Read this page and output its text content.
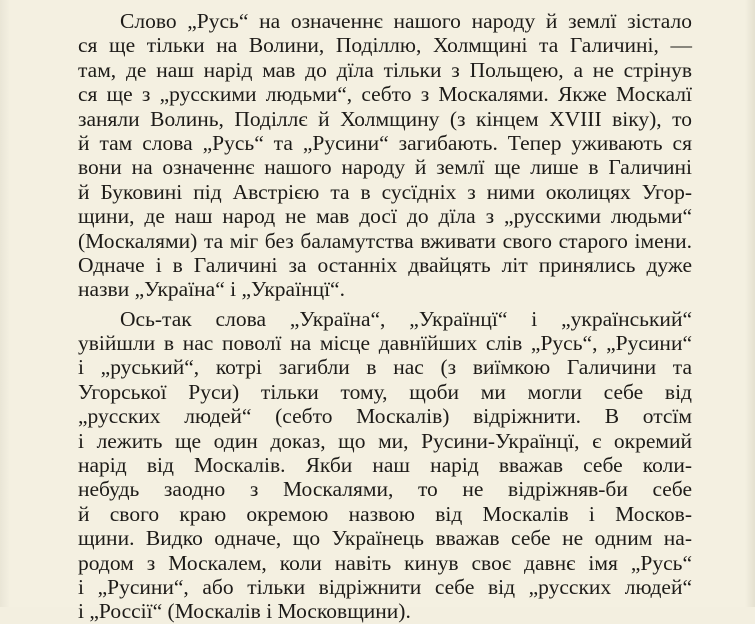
Слово „Русь“ на означеннє нашого народу й землї зістало
ся ще тільки на Волини, Поділлю, Холмщині та Галичині, —
там, де наш нарід мав до дїла тільки з Польщею, а не стрінув
ся ще з „русскими людьми“, себто з Москалями. Якже Москалї
заняли Волинь, Поділлє й Холмщину (з кінцем XVIII віку), то
й там слова „Русь“ та „Русини“ загибають. Тепер уживають ся
вони на означеннє нашого народу й землї ще лише в Галичині
й Буковині під Австрією та в сусїдніх з ними околицях Угор-
щини, де наш народ не мав досї до дїла з „русскими людьми“
(Москалями) та міг без баламутства вживати свого старого імени.
Одначе і в Галичині за останніх двайцять літ принялись дуже
назви „Україна“ і „Українцї“.
Ось-так слова „Україна“, „Українцї“ і „український“
увійшли в нас поволї на місце давнїйших слів „Русь“, „Русини“
і „руський“, котрі загибли в нас (з виїмкою Галичини та
Угорської Руси) тільки тому, щоби ми могли себе від
„русских людей“ (себто Москалів) відріжнити. В отсїм
і лежить ще один доказ, що ми, Русини-Українцї, є окремий
нарід від Москалів. Якби наш нарід вважав себе коли-
небудь заодно з Москалями, то не відріжняв-би себе
й свого краю окремою назвою від Москалів і Москов-
щини. Видко одначе, що Українець вважав себе не одним на-
родом з Москалем, коли навіть кинув своє давнє імя „Русь“
і „Русини“, або тільки відріжнити себе від „русских людей“
і „Россії“ (Москалів і Московщини).
